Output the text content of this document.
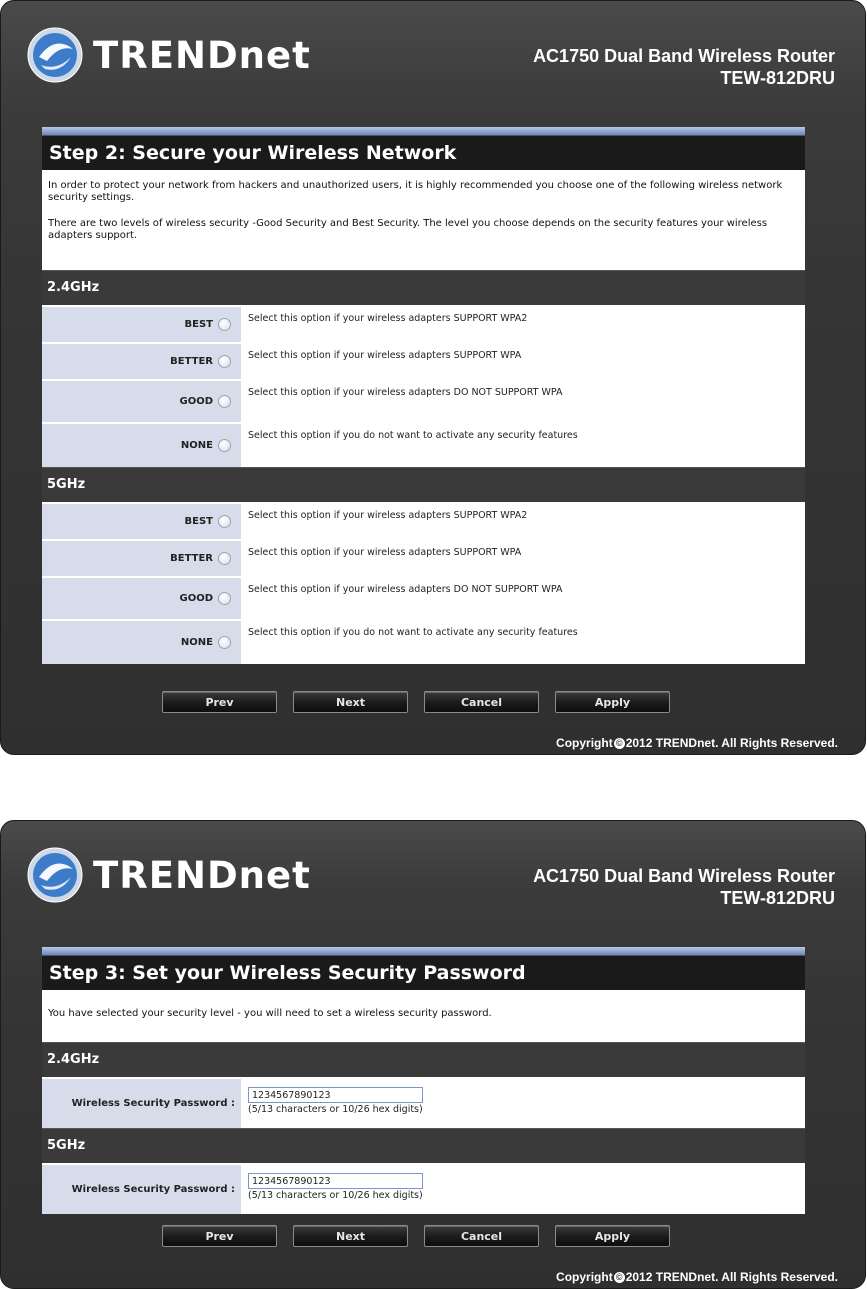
TRENDnet	AC1750 Dual Band Wireless Router
TEW-812DRU
Step 2: Secure your Wireless Network

In order to protect your network from hackers and unauthorized users, it is highly recommended you choose one of the following wireless network security settings.

There are two levels of wireless security -Good Security and Best Security. The level you choose depends on the security features your wireless adapters support.

2.4GHz
BEST
Select this option if your wireless adapters SUPPORT WPA2
BETTER
Select this option if your wireless adapters SUPPORT WPA
GOOD
Select this option if your wireless adapters DO NOT SUPPORT WPA
NONE
Select this option if you do not want to activate any security features
5GHz
BEST
Select this option if your wireless adapters SUPPORT WPA2
BETTER
Select this option if your wireless adapters SUPPORT WPA
GOOD
Select this option if your wireless adapters DO NOT SUPPORT WPA
NONE
Select this option if you do not want to activate any security features
Prev	Next	Cancel	Apply
Copyright © 2012 TRENDnet. All Rights Reserved.
TRENDnet	AC1750 Dual Band Wireless Router
TEW-812DRU
Step 3: Set your Wireless Security Password

You have selected your security level - you will need to set a wireless security password.

2.4GHz
Wireless Security Password :
1234567890123
(5/13 characters or 10/26 hex digits)
5GHz
Wireless Security Password :
1234567890123
(5/13 characters or 10/26 hex digits)
Prev	Next	Cancel	Apply
Copyright © 2012 TRENDnet. All Rights Reserved.
